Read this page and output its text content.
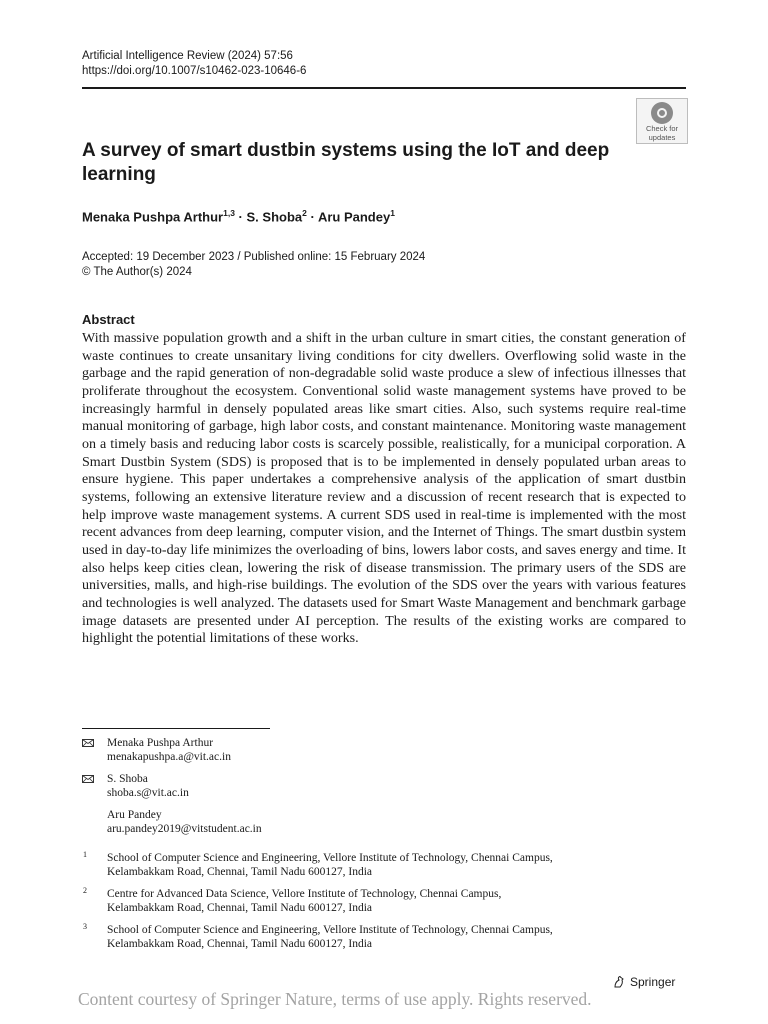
Artificial Intelligence Review (2024) 57:56
https://doi.org/10.1007/s10462-023-10646-6
Check for
updates
A survey of smart dustbin systems using the IoT and deep learning
Menaka Pushpa Arthur$^{1,3}$ · S. Shoba$^2$ · Aru Pandey$^1$
Accepted: 19 December 2023 / Published online: 15 February 2024
© The Author(s) 2024
Abstract

With massive population growth and a shift in the urban culture in smart cities, the constant generation of waste continues to create unsanitary living conditions for city dwellers. Overflowing solid waste in the garbage and the rapid generation of non-degradable solid waste produce a slew of infectious illnesses that proliferate throughout the ecosystem. Conventional solid waste management systems have proved to be increasingly harmful in densely populated areas like smart cities. Also, such systems require real-time manual monitoring of garbage, high labor costs, and constant maintenance. Monitoring waste management on a timely basis and reducing labor costs is scarcely possible, realistically, for a municipal corporation. A Smart Dustbin System (SDS) is proposed that is to be implemented in densely populated urban areas to ensure hygiene. This paper undertakes a comprehensive analysis of the application of smart dustbin systems, following an extensive literature review and a discussion of recent research that is expected to help improve waste management systems. A current SDS used in real-time is implemented with the most recent advances from deep learning, computer vision, and the Internet of Things. The smart dustbin system used in day-to-day life minimizes the overloading of bins, lowers labor costs, and saves energy and time. It also helps keep cities clean, lowering the risk of disease transmission. The primary users of the SDS are universities, malls, and high-rise buildings. The evolution of the SDS over the years with various features and technologies is well analyzed. The datasets used for Smart Waste Management and benchmark garbage image datasets are presented under AI perception. The results of the existing works are compared to highlight the potential limitations of these works.

Menaka Pushpa Arthur
menakapushpa.a@vit.ac.in
S. Shoba
shoba.s@vit.ac.in
Aru Pandey
aru.pandey2019@vitstudent.ac.in
1 School of Computer Science and Engineering, Vellore Institute of Technology, Chennai Campus,
Kelambakkam Road, Chennai, Tamil Nadu 600127, India
2 Centre for Advanced Data Science, Vellore Institute of Technology, Chennai Campus,
Kelambakkam Road, Chennai, Tamil Nadu 600127, India
3 School of Computer Science and Engineering, Vellore Institute of Technology, Chennai Campus,
Kelambakkam Road, Chennai, Tamil Nadu 600127, India
Springer
Content courtesy of Springer Nature, terms of use apply. Rights reserved.
